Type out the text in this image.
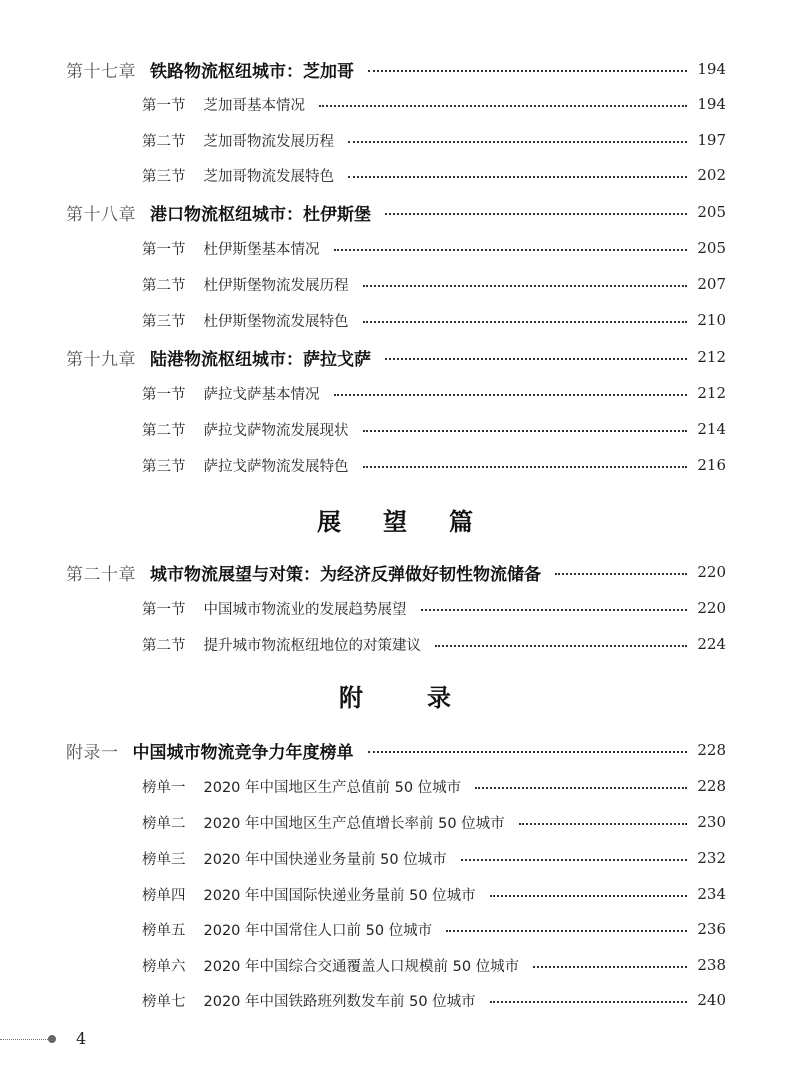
第十七章 铁路物流枢纽城市：芝加哥	194
第一节 芝加哥基本情况	194
第二节 芝加哥物流发展历程	197
第三节 芝加哥物流发展特色	202
第十八章 港口物流枢纽城市：杜伊斯堡	205
第一节 杜伊斯堡基本情况	205
第二节 杜伊斯堡物流发展历程	207
第三节 杜伊斯堡物流发展特色	210
第十九章 陆港物流枢纽城市：萨拉戈萨	212
第一节 萨拉戈萨基本情况	212
第二节 萨拉戈萨物流发展现状	214
第三节 萨拉戈萨物流发展特色	216
展 望 篇
第二十章 城市物流展望与对策：为经济反弹做好韧性物流储备	220
第一节 中国城市物流业的发展趋势展望	220
第二节 提升城市物流枢纽地位的对策建议	224
附	录
附录一 中国城市物流竞争力年度榜单	228
榜单一 2020 年中国地区生产总值前 50 位城市	228
榜单二 2020 年中国地区生产总值增长率前 50 位城市	230
榜单三 2020 年中国快递业务量前 50 位城市	232
榜单四 2020 年中国国际快递业务量前 50 位城市	234
榜单五 2020 年中国常住人口前 50 位城市	236
榜单六 2020 年中国综合交通覆盖人口规模前 50 位城市	238
榜单七 2020 年中国铁路班列数发车前 50 位城市	240
4
